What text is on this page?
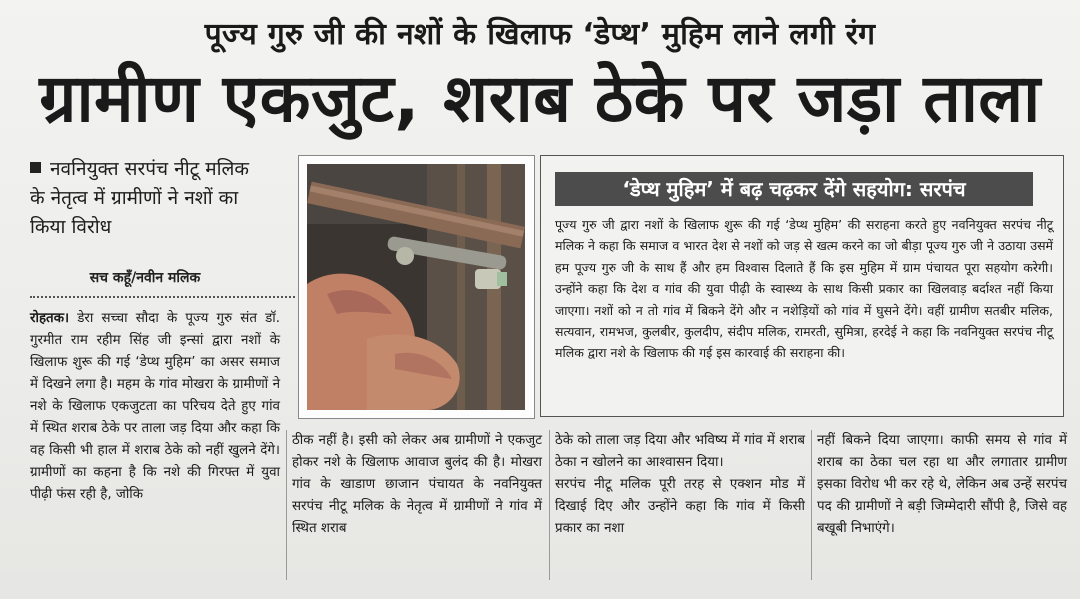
पूज्य गुरु जी की नशों के खिलाफ ‘डेप्थ’ मुहिम लाने लगी रंग
ग्रामीण एकजुट, शराब ठेके पर जड़ा ताला
नवनियुक्त सरपंच नीटू मलिक के नेतृत्व में ग्रामीणों ने नशों का किया विरोध
सच कहूँ/नवीन मलिक
‘डेप्थ मुहिम’ में बढ़ चढ़कर देंगे सहयोग: सरपंच
पूज्य गुरु जी द्वारा नशों के खिलाफ शुरू की गई ‘डेप्थ मुहिम’ की सराहना करते हुए नवनियुक्त सरपंच नीटू मलिक ने कहा कि समाज व भारत देश से नशों को जड़ से खत्म करने का जो बीड़ा पूज्य गुरु जी ने उठाया उसमें हम पूज्य गुरु जी के साथ हैं और हम विश्वास दिलाते हैं कि इस मुहिम में ग्राम पंचायत पूरा सहयोग करेगी। उन्होंने कहा कि देश व गांव की युवा पीढ़ी के स्वास्थ्य के साथ किसी प्रकार का खिलवाड़ बर्दाश्त नहीं किया जाएगा। नशों को न तो गांव में बिकने देंगे और न नशेड़ियों को गांव में घुसने देंगे। वहीं ग्रामीण सतबीर मलिक, सत्यवान, रामभज, कुलबीर, कुलदीप, संदीप मलिक, रामरती, सुमित्रा, हरदेई ने कहा कि नवनियुक्त सरपंच नीटू मलिक द्वारा नशे के खिलाफ की गई इस कारवाई की सराहना की।
रोहतक। डेरा सच्चा सौदा के पूज्य गुरु संत डॉ. गुरमीत राम रहीम सिंह जी इन्सां द्वारा नशों के खिलाफ शुरू की गई ‘डेप्थ मुहिम’ का असर समाज में दिखने लगा है। महम के गांव मोखरा के ग्रामीणों ने नशे के खिलाफ एकजुटता का परिचय देते हुए गांव में स्थित शराब ठेके पर ताला जड़ दिया और कहा कि वह किसी भी हाल में शराब ठेके को नहीं खुलने देंगे। ग्रामीणों का कहना है कि नशे की गिरफ्त में युवा पीढ़ी फंस रही है, जोकि
ठीक नहीं है। इसी को लेकर अब ग्रामीणों ने एकजुट होकर नशे के खिलाफ आवाज बुलंद की है। मोखरा गांव के खाडाण छाजान पंचायत के नवनियुक्त सरपंच नीटू मलिक के नेतृत्व में ग्रामीणों ने गांव में स्थित शराब
ठेके को ताला जड़ दिया और भविष्य में गांव में शराब ठेका न खोलने का आश्वासन दिया।
सरपंच नीटू मलिक पूरी तरह से एक्शन मोड में दिखाई दिए और उन्होंने कहा कि गांव में किसी प्रकार का नशा
नहीं बिकने दिया जाएगा। काफी समय से गांव में शराब का ठेका चल रहा था और लगातार ग्रामीण इसका विरोध भी कर रहे थे, लेकिन अब उन्हें सरपंच पद की ग्रामीणों ने बड़ी जिम्मेदारी सौंपी है, जिसे वह बखूबी निभाएंगे।
